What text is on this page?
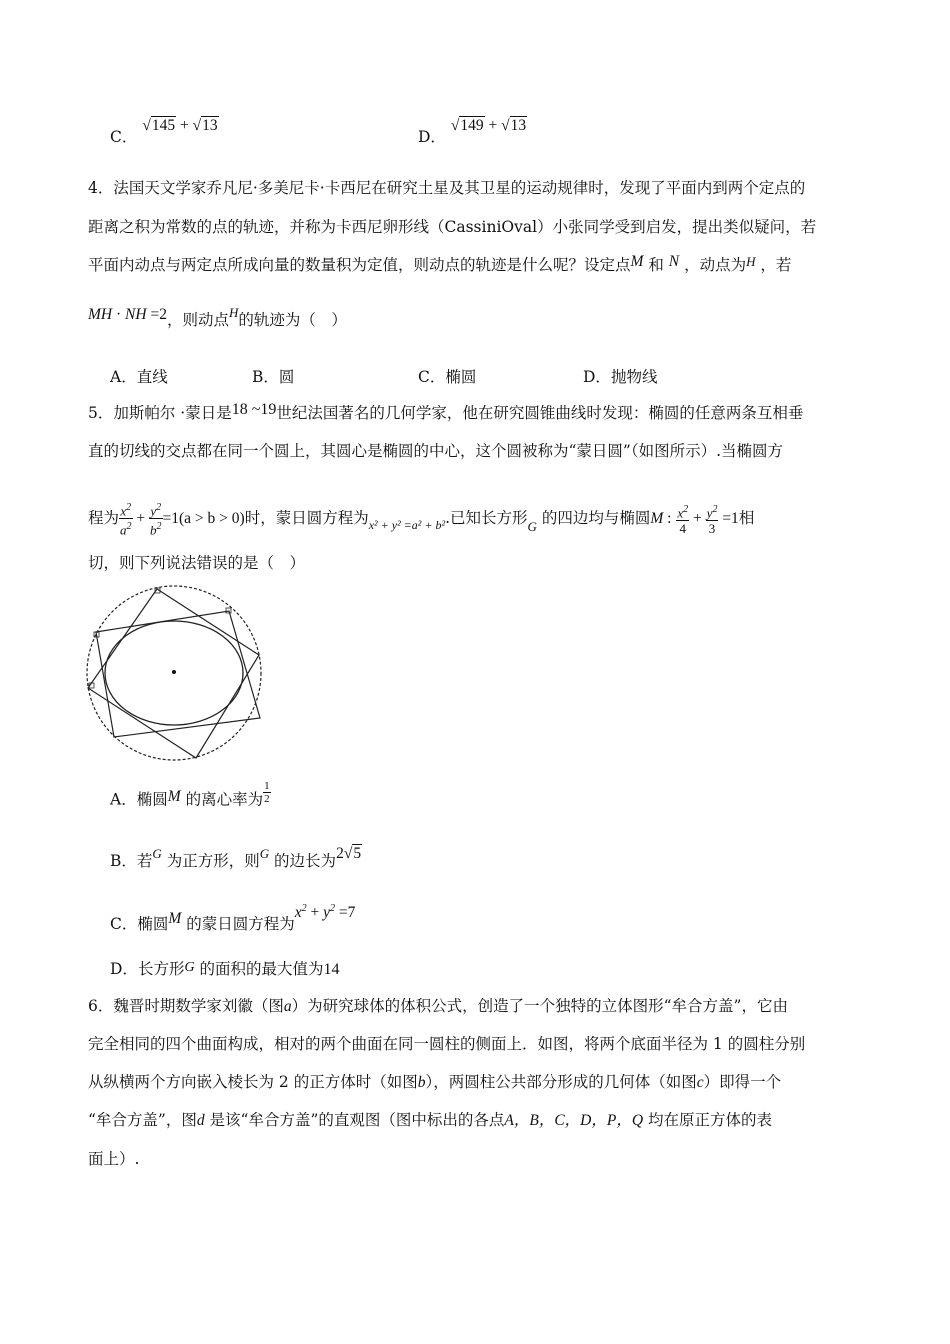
C． √145 + √13
D． √149 + √13
4．法国天文学家乔凡尼·多美尼卡·卡西尼在研究土星及其卫星的运动规律时，发现了平面内到两个定点的
距离之积为常数的点的轨迹，并称为卡西尼卵形线（CassiniOval）小张同学受到启发，提出类似疑问，若
平面内动点与两定点所成向量的数量积为定值，则动点的轨迹是什么呢？设定点M 和 N ，动点为$^H$ ，若
MH · NH =2，则动点$^H$的轨迹为（　）
A．直线	B．圆	C．椭圆	D．抛物线
5．加斯帕尔 ·蒙日是18 ~19世纪法国著名的几何学家，他在研究圆锥曲线时发现：椭圆的任意两条互相垂
直的切线的交点都在同一个圆上，其圆心是椭圆的中心，这个圆被称为“蒙日圆”（如图所示）.当椭圆方
程为 $\frac{x^2}{a^2} + \frac{y^2}{b^2} =1(a > b > 0)$时，蒙日圆方程为$_{x^2 + y^2 =a^2 + b^2}$.已知长方形$_G$ 的四边均与椭圆M : $\frac{x^2}{4} + \frac{y^2}{3} =1$相
切，则下列说法错误的是（　）
A．椭圆M 的离心率为 $\frac{1}{2}$
B．若$^G$ 为正方形，则$^G$ 的边长为2√5
C．椭圆M 的蒙日圆方程为$x^2 + y^2 =7$
D．长方形G 的面积的最大值为14
6．魏晋时期数学家刘徽（图a）为研究球体的体积公式，创造了一个独特的立体图形“牟合方盖”，它由
完全相同的四个曲面构成，相对的两个曲面在同一圆柱的侧面上．如图，将两个底面半径为 1 的圆柱分别
从纵横两个方向嵌入棱长为 2 的正方体时（如图b），两圆柱公共部分形成的几何体（如图c）即得一个
“牟合方盖”，图d 是该“牟合方盖”的直观图（图中标出的各点A，B，C，D，P，Q 均在原正方体的表
面上）.
